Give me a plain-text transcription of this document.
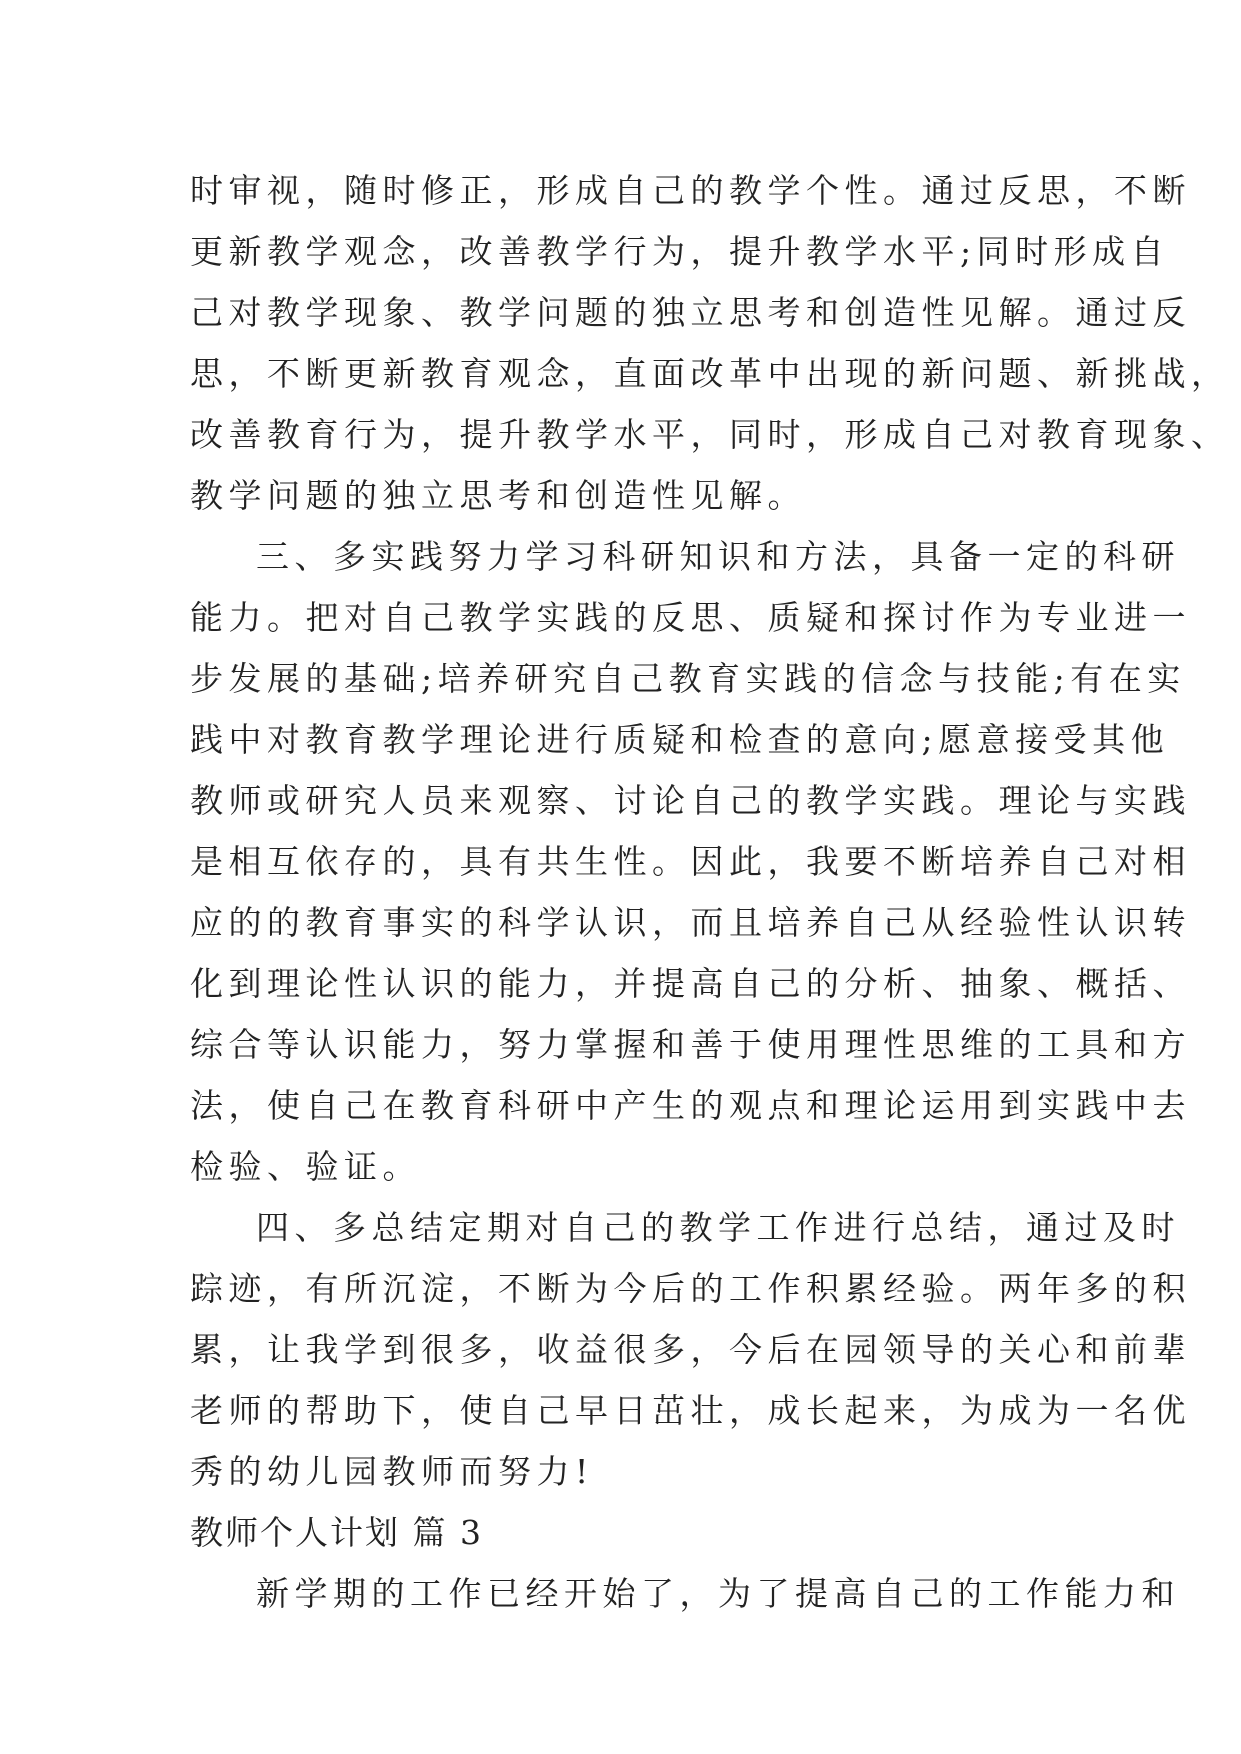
时审视，随时修正，形成自己的教学个性。通过反思，不断
更新教学观念，改善教学行为，提升教学水平;同时形成自
己对教学现象、教学问题的独立思考和创造性见解。通过反
思，不断更新教育观念，直面改革中出现的新问题、新挑战，
改善教育行为，提升教学水平，同时，形成自己对教育现象、
教学问题的独立思考和创造性见解。
三、多实践努力学习科研知识和方法，具备一定的科研
能力。把对自己教学实践的反思、质疑和探讨作为专业进一
步发展的基础;培养研究自己教育实践的信念与技能;有在实
践中对教育教学理论进行质疑和检查的意向;愿意接受其他
教师或研究人员来观察、讨论自己的教学实践。理论与实践
是相互依存的，具有共生性。因此，我要不断培养自己对相
应的的教育事实的科学认识，而且培养自己从经验性认识转
化到理论性认识的能力，并提高自己的分析、抽象、概括、
综合等认识能力，努力掌握和善于使用理性思维的工具和方
法，使自己在教育科研中产生的观点和理论运用到实践中去
检验、验证。
四、多总结定期对自己的教学工作进行总结，通过及时
踪迹，有所沉淀，不断为今后的工作积累经验。两年多的积
累，让我学到很多，收益很多，今后在园领导的关心和前辈
老师的帮助下，使自己早日茁壮，成长起来，为成为一名优
秀的幼儿园教师而努力!
教师个人计划 篇 3
新学期的工作已经开始了，为了提高自己的工作能力和
